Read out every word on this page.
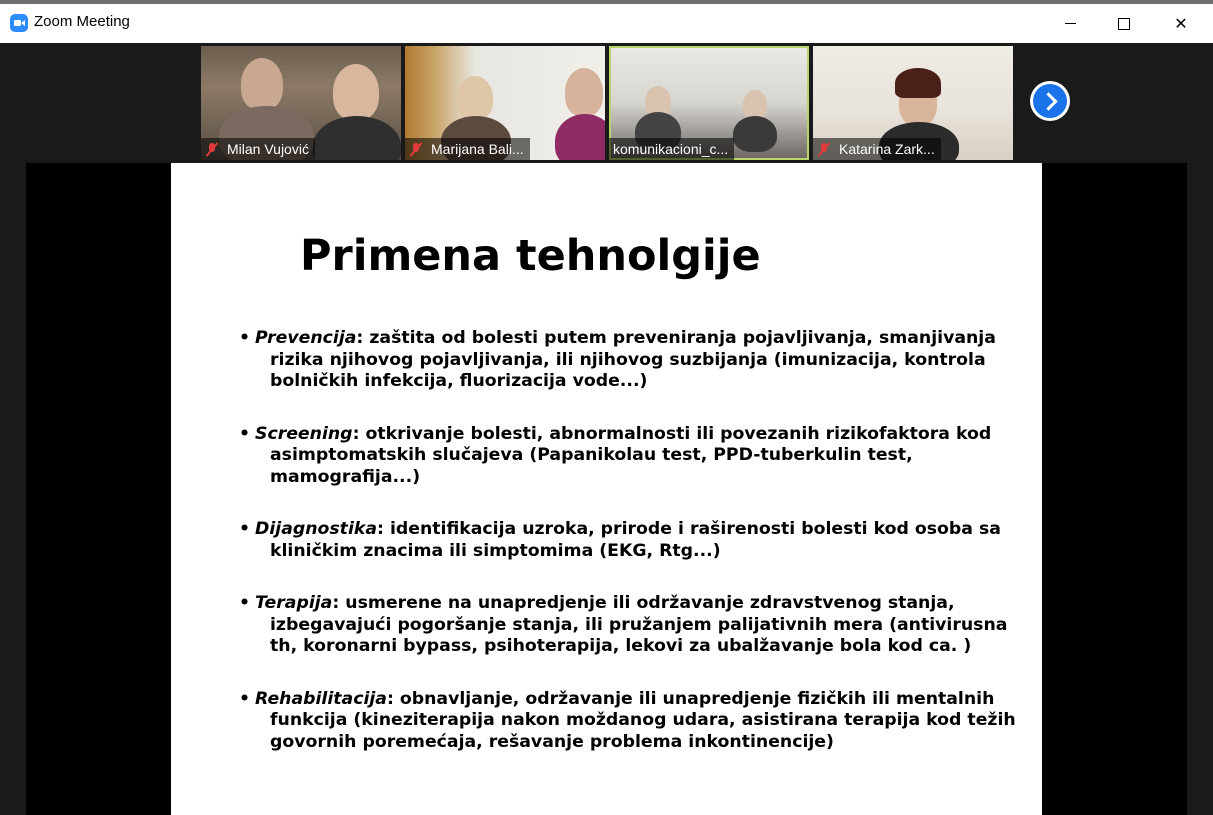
Zoom Meeting	✕
Milan Vujović	Marijana Bali...	komunikacioni_c...	Katarina Zark...
Primena tehnolgije
• Prevencija: zaštita od bolesti putem preveniranja pojavljivanja, smanjivanja rizika njihovog pojavljivanja, ili njihovog suzbijanja (imunizacija, kontrola bolničkih infekcija, fluorizacija vode...)
• Screening: otkrivanje bolesti, abnormalnosti ili povezanih rizikofaktora kod asimptomatskih slučajeva (Papanikolau test, PPD-tuberkulin test, mamografija...)
• Dijagnostika: identifikacija uzroka, prirode i raširenosti bolesti kod osoba sa kliničkim znacima ili simptomima (EKG, Rtg...)
• Terapija: usmerene na unapredjenje ili održavanje zdravstvenog stanja, izbegavajući pogoršanje stanja, ili pružanjem palijativnih mera (antivirusna th, koronarni bypass, psihoterapija, lekovi za ubalžavanje bola kod ca. )
• Rehabilitacija: obnavljanje, održavanje ili unapredjenje fizičkih ili mentalnih funkcija (kineziterapija nakon moždanog udara, asistirana terapija kod težih govornih poremećaja, rešavanje problema inkontinencije)
